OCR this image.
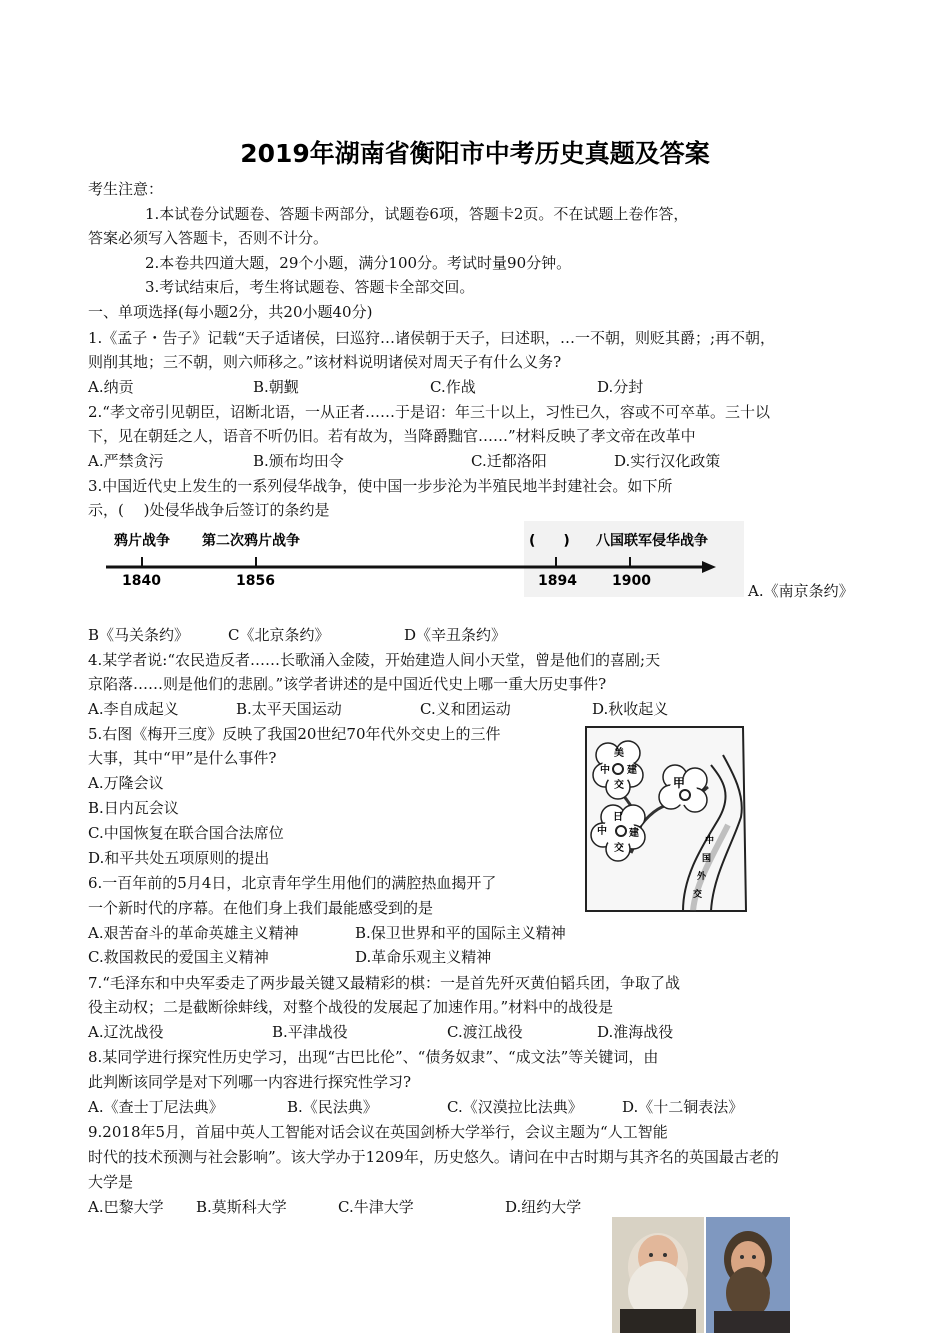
2019年湖南省衡阳市中考历史真题及答案
考生注意：
1.本试卷分试题卷、答题卡两部分，试题卷6项，答题卡2页。不在试题上卷作答，
答案必须写入答题卡，否则不计分。
2.本卷共四道大题，29个小题，满分100分。考试时量90分钟。
3.考试结束后，考生将试题卷、答题卡全部交回。
一、单项选择(每小题2分，共20小题40分)
1.《孟子・告子》记载“天子适诸侯，曰巡狩…诸侯朝于天子，曰述职，…一不朝，则贬其爵；;再不朝，
则削其地；三不朝，则六师移之。”该材料说明诸侯对周天子有什么义务?
A.纳贡	B.朝觐	C.作战	D.分封
2.“孝文帝引见朝臣，诏断北语，一从正者……于是诏：年三十以上，习性已久，容或不可卒革。三十以
下，见在朝廷之人，语音不听仍旧。若有故为，当降爵黜官……”材料反映了孝文帝在改革中
A.严禁贪污	B.颁布均田令	C.迁都洛阳	D.实行汉化政策
3.中国近代史上发生的一系列侵华战争，使中国一步步沦为半殖民地半封建社会。如下所
示，(　 )处侵华战争后签订的条约是
鸦片战争 第二次鸦片战争	(　　) 八国联军侵华战争
1840	1856	1894	1900
A.《南京条约》
B《马关条约》	C《北京条约》	D《辛丑条约》
4.某学者说:“农民造反者……长歌涌入金陵，开始建造人间小天堂，曾是他们的喜剧;天
京陷落……则是他们的悲剧。”该学者讲述的是中国近代史上哪一重大历史事件?
A.李自成起义	B.太平天国运动	C.义和团运动	D.秋收起义
5.右图《梅开三度》反映了我国20世纪70年代外交史上的三件
大事，其中“甲”是什么事件?
A.万隆会议
B.日内瓦会议
C.中国恢复在联合国合法席位
D.和平共处五项原则的提出
美
中 建
交	甲
日
中 建
交
中
国
外
交
6.一百年前的5月4日，北京青年学生用他们的满腔热血揭开了
一个新时代的序幕。在他们身上我们最能感受到的是
A.艰苦奋斗的革命英雄主义精神	B.保卫世界和平的国际主义精神
C.救国救民的爱国主义精神	D.革命乐观主义精神
7.“毛泽东和中央军委走了两步最关键又最精彩的棋：一是首先歼灭黄伯韬兵团，争取了战
役主动权；二是截断徐蚌线，对整个战役的发展起了加速作用。”材料中的战役是
A.辽沈战役	B.平津战役	C.渡江战役	D.淮海战役
8.某同学进行探究性历史学习，出现“古巴比伦”、“债务奴隶”、“成文法”等关键词，由
此判断该同学是对下列哪一内容进行探究性学习?
A.《查士丁尼法典》	B.《民法典》	C.《汉漠拉比法典》	D.《十二铜表法》
9.2018年5月，首届中英人工智能对话会议在英国剑桥大学举行，会议主题为“人工智能
时代的技术预测与社会影响”。该大学办于1209年，历史悠久。请问在中古时期与其齐名的英国最古老的
大学是
A.巴黎大学 B.莫斯科大学	C.牛津大学	D.纽约大学
